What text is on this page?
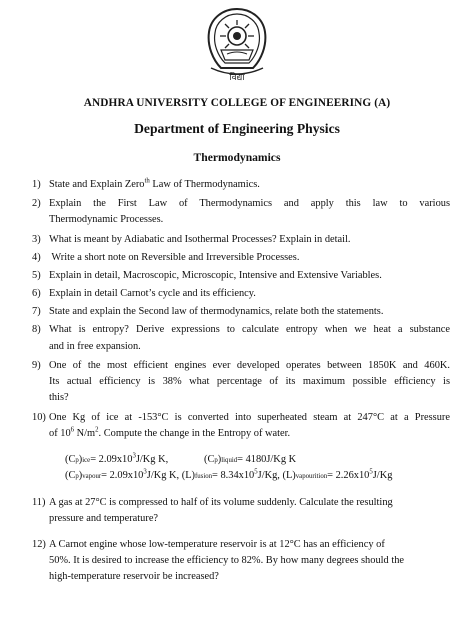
विद्या
ANDHRA UNIVERSITY COLLEGE OF ENGINEERING (A)
Department of Engineering Physics
Thermodynamics
1) State and Explain Zero$^{th}$ Law of Thermodynamics.
2) Explain the First Law of Thermodynamics and apply this law to various
Thermodynamic Processes.
3) What is meant by Adiabatic and Isothermal Processes? Explain in detail.
4) Write a short note on Reversible and Irreversible Processes.
5) Explain in detail, Macroscopic, Microscopic, Intensive and Extensive Variables.
6) Explain in detail Carnot’s cycle and its efficiency.
7) State and explain the Second law of thermodynamics, relate both the statements.
8) What is entropy? Derive expressions to calculate entropy when we heat a substance
and in free expansion.
9) One of the most efficient engines ever developed operates between 1850K and 460K.
Its actual efficiency is 38% what percentage of its maximum possible efficiency is
this?
10) One Kg of ice at -153°C is converted into superheated steam at 247°C at a Pressure
of $10^6$ $N/m^2$. Compute the change in the Entropy of water.
$(Cp)ice= 2.09x10^3J/Kg$ K,	(Cp)liquid= 4180J/Kg K
(Cp)vapour= $2.09x10^3J/Kg$ K, (L)fusion= $8.34x10^5J/Kg$, (L)vapourition= $2.26x10^5J/Kg$
11) A gas at 27°C is compressed to half of its volume suddenly. Calculate the resulting
pressure and temperature?
12) A Carnot engine whose low-temperature reservoir is at 12°C has an efficiency of
50%. It is desired to increase the efficiency to 82%. By how many degrees should the
high-temperature reservoir be increased?
